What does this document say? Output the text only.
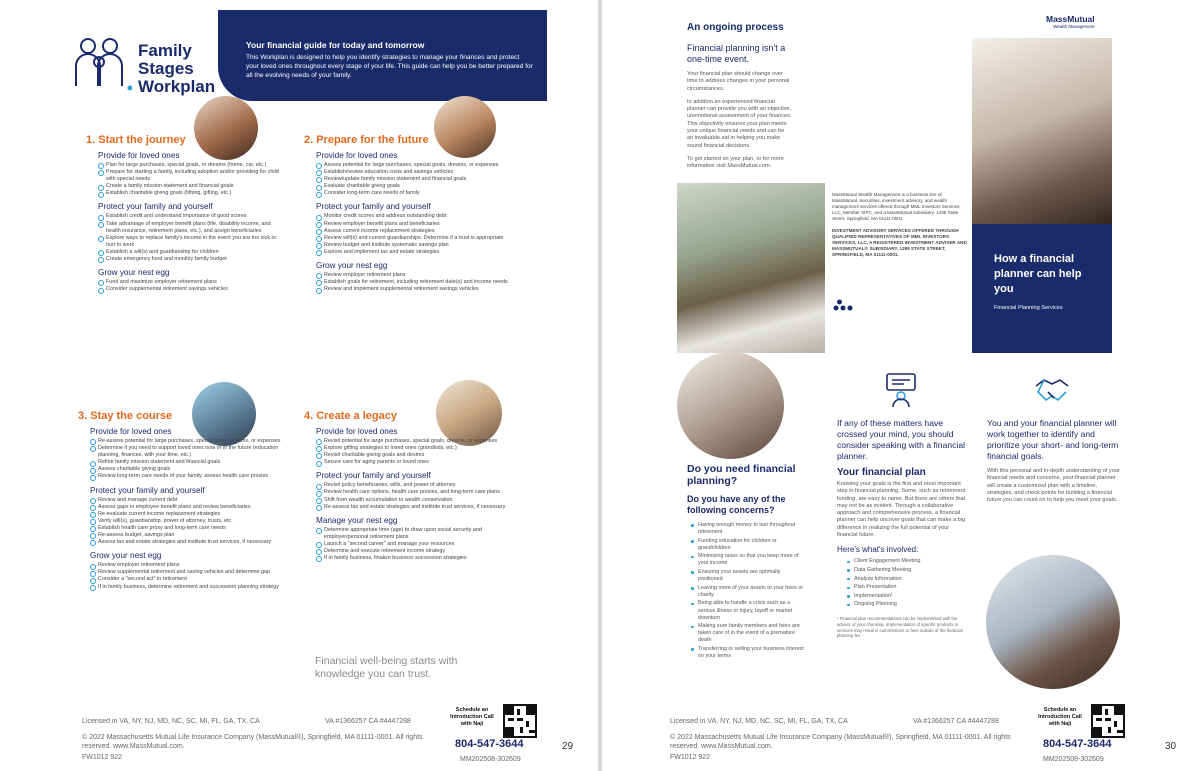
Family
Stages
Workplan
Your financial guide for today and tomorrow

This Workplan is designed to help you identify strategies to manage your finances and protect your loved ones throughout every stage of your life. This guide can help you be better prepared for all the evolving needs of your family.

1. Start the journey
Provide for loved ones
Plan for large purchases, special goals, or dreams (home, car, etc.)
Prepare for starting a family, including adoption and/or providing for child with special needs
Create a family mission statement and financial goals
Establish charitable giving goals (tithing, gifting, etc.)
Protect your family and yourself
Establish credit and understand importance of good scores
Take advantage of employer benefit plans (life, disability income, and health insurance, retirement plans, etc.), and assign beneficiaries
Explore ways to replace family's income in the event you are too sick or hurt to work
Establish a will(s) and guardianship for children
Create emergency fund and monthly family budget
Grow your nest egg
Fund and maximize employer retirement plans
Consider supplemental retirement savings vehicles
2. Prepare for the future
Provide for loved ones
Assess potential for large purchases, special goals, dreams, or expenses
Establish/review education costs and savings vehicles
Review/update family mission statement and financial goals
Evaluate charitable giving goals
Consider long-term care needs of family
Protect your family and yourself
Monitor credit scores and address outstanding debt
Review employer benefit plans and beneficiaries
Assess current income replacement strategies
Review will(s) and current guardianships. Determine if a trust is appropriate
Review budget and institute systematic savings plan
Explore and implement tax and estate strategies
Grow your nest egg
Review employer retirement plans
Establish goals for retirement, including retirement date(s) and income needs
Review and implement supplemental retirement savings vehicles
3. Stay the course
Provide for loved ones
Re-assess potential for large purchases, special goals, dreams, or expenses
Determine if you need to support loved ones now or in the future (education planning, finances, with your time, etc.)
Refine family mission statement and financial goals
Assess charitable giving goals
Review long-term care needs of your family, assess health care proxies
Protect your family and yourself
Review and manage current debt
Assess gaps in employee benefit plans and review beneficiaries
Re-evaluate current income replacement strategies
Verify will(s), guardianship, power of attorney, trusts, etc.
Establish health care proxy and long-term care needs
Re-assess budget, savings plan
Assess tax and estate strategies and institute trust services, if necessary
Grow your nest egg
Review employer retirement plans
Review supplemental retirement and saving vehicles and determine gap
Consider a "second act" in retirement
If in family business, determine retirement and succession planning strategy
4. Create a legacy
Provide for loved ones
Revisit potential for large purchases, special goals, dreams, or expenses
Explore gifting strategies to loved ones (grandkids, etc.)
Revisit charitable giving goals and desires
Secure care for aging parents or loved ones
Protect your family and yourself
Revisit policy beneficiaries, wills, and power of attorney
Review health care options, health care proxies, and long-term care plans
Shift from wealth accumulation to wealth conservation
Re-assess tax and estate strategies and institute trust services, if necessary
Manage your nest egg
Determine appropriate time (age) to draw upon social security and employer/personal retirement plans
Launch a "second career" and manage your resources
Determine and execute retirement income strategy
If in family business, finalize business succession strategies
Financial well-being starts with knowledge you can trust.
Licensed in VA, NY, NJ, MD, NC, SC, MI, FL, GA, TX, CA	VA #1366257 CA #4447288
© 2022 Massachusetts Mutual Life Insurance Company (MassMutual®), Springfield, MA 01111-0001. All rights reserved. www.MassMutual.com.
FW1012 922
Schedule an Introduction Call with Naji
804-547-3644
MM202508-302609
29
An ongoing process
Financial planning isn't a one-time event.

Your financial plan should change over time to address changes in your personal circumstances.

In addition an experienced financial planner can provide you with an objective, unemotional assessment of your finances. This objectivity ensures your plan meets your unique financial needs and can be an invaluable aid in helping you make sound financial decisions.

To get started on your plan, or for more information visit MassMutual.com.

MassMutual
Wealth Management

MassMutual Wealth Management is a business line of MassMutual. Securities, investment advisory, and wealth management services offered through MML Investors Services, LLC, Member SIPC, and a MassMutual subsidiary. 1295 State Street, Springfield, MA 01111-0001.

INVESTMENT ADVISORY SERVICES OFFERED THROUGH QUALIFIED REPRESENTATIVES OF MML INVESTORS SERVICES, LLC, A REGISTERED INVESTMENT ADVISER AND MASSMUTUAL® SUBSIDIARY. 1295 STATE STREET, SPRINGFIELD, MA 01111-0001.	How a financial planner can help you
Financial Planning Services
Do you need financial planning?
Do you have any of the following concerns?
Having enough money to last throughout retirement
Funding education for children or grandchildren
Minimizing taxes so that you keep more of your income
Ensuring your assets are optimally positioned
Leaving more of your assets to your heirs or charity
Being able to handle a crisis such as a serious illness or injury, layoff or market downturn
Making sure family members and heirs are taken care of in the event of a premature death
Transferring or selling your business interest on your terms
If any of these matters have crossed your mind, you should consider speaking with a financial planner.
Your financial plan

Knowing your goals is the first and most important step in financial planning. Some, such as retirement funding, are easy to name. But there are others that may not be as evident. Through a collaborative approach and comprehensive process, a financial planner can help uncover goals that can make a big difference in realizing the full potential of your financial future.

Here's what's involved:
Client Engagement Meeting
Data Gathering Meeting
Analyze Information
Plan Presentation
Implementation¹
Ongoing Planning

¹ Financial plan recommendations can be implemented with the advisor of your choosing. Implementation of specific products or services may result in commissions or fees outside of the financial planning fee.

You and your financial planner will work together to identify and prioritize your short- and long-term financial goals.

With this personal and in-depth understanding of your financial needs and concerns, your financial planner will create a customized plan with a timeline, strategies, and check points for building a financial future you can count on to help you meet your goals.

Licensed in VA, NY, NJ, MD, NC, SC, MI, FL, GA, TX, CA	VA #1366257 CA #4447288
© 2022 Massachusetts Mutual Life Insurance Company (MassMutual®), Springfield, MA 01111-0001. All rights reserved. www.MassMutual.com.
FW1012 922
Schedule an Introduction Call with Naji
804-547-3644
MM202508-302609
30
